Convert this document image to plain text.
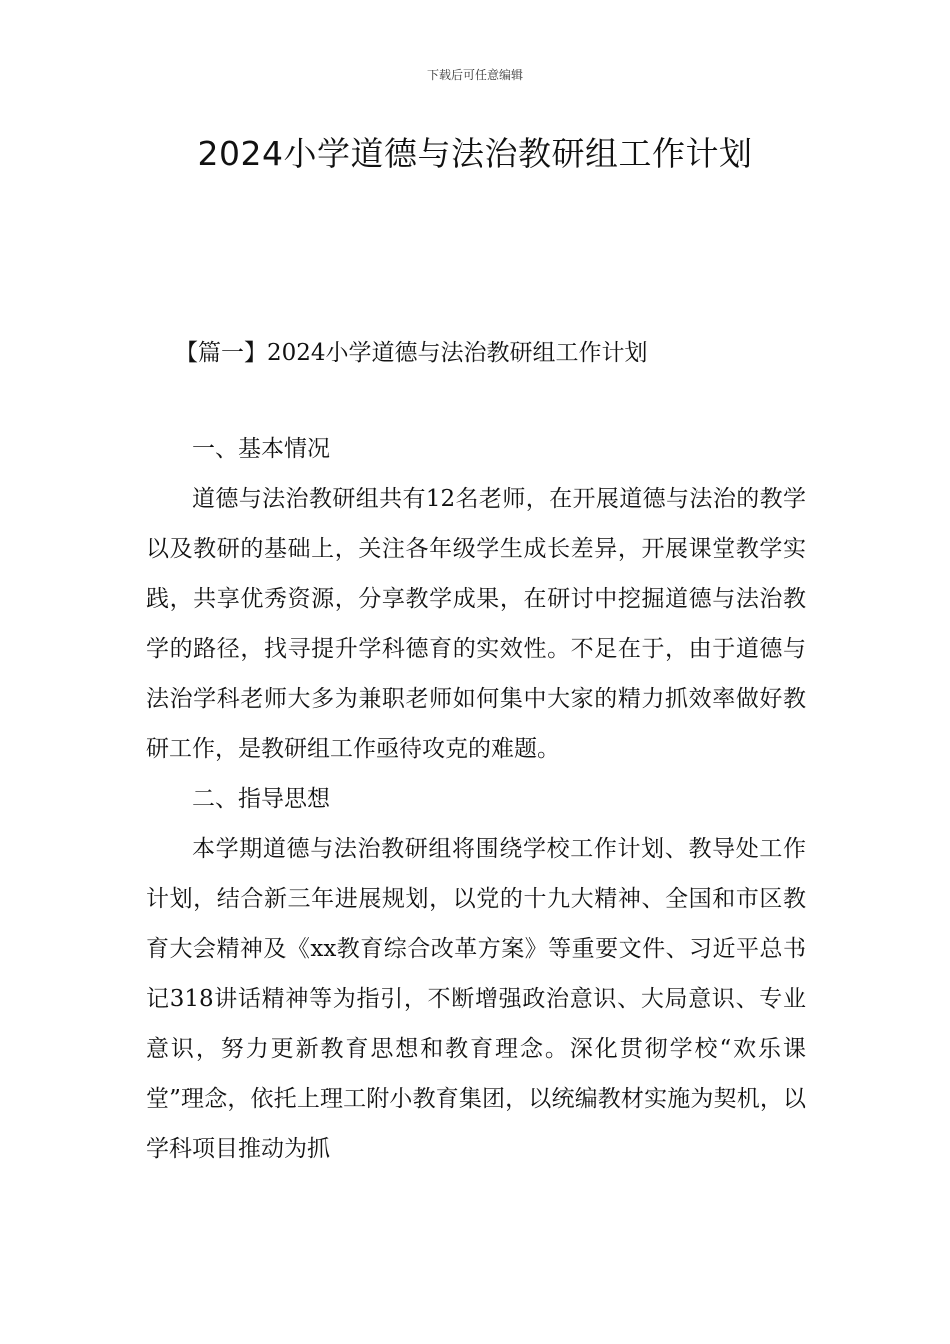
下载后可任意编辑
2024小学道德与法治教研组工作计划
【篇一】2024小学道德与法治教研组工作计划

一、基本情况

道德与法治教研组共有12名老师，在开展道德与法治的教学以及教研的基础上，关注各年级学生成长差异，开展课堂教学实践，共享优秀资源，分享教学成果，在研讨中挖掘道德与法治教学的路径，找寻提升学科德育的实效性。不足在于，由于道德与法治学科老师大多为兼职老师如何集中大家的精力抓效率做好教研工作，是教研组工作亟待攻克的难题。

二、指导思想

本学期道德与法治教研组将围绕学校工作计划、教导处工作计划，结合新三年进展规划，以党的十九大精神、全国和市区教育大会精神及《xx教育综合改革方案》等重要文件、习近平总书记318讲话精神等为指引，不断增强政治意识、大局意识、专业意识，努力更新教育思想和教育理念。深化贯彻学校“欢乐课堂”理念，依托上理工附小教育集团，以统编教材实施为契机，以学科项目推动为抓
